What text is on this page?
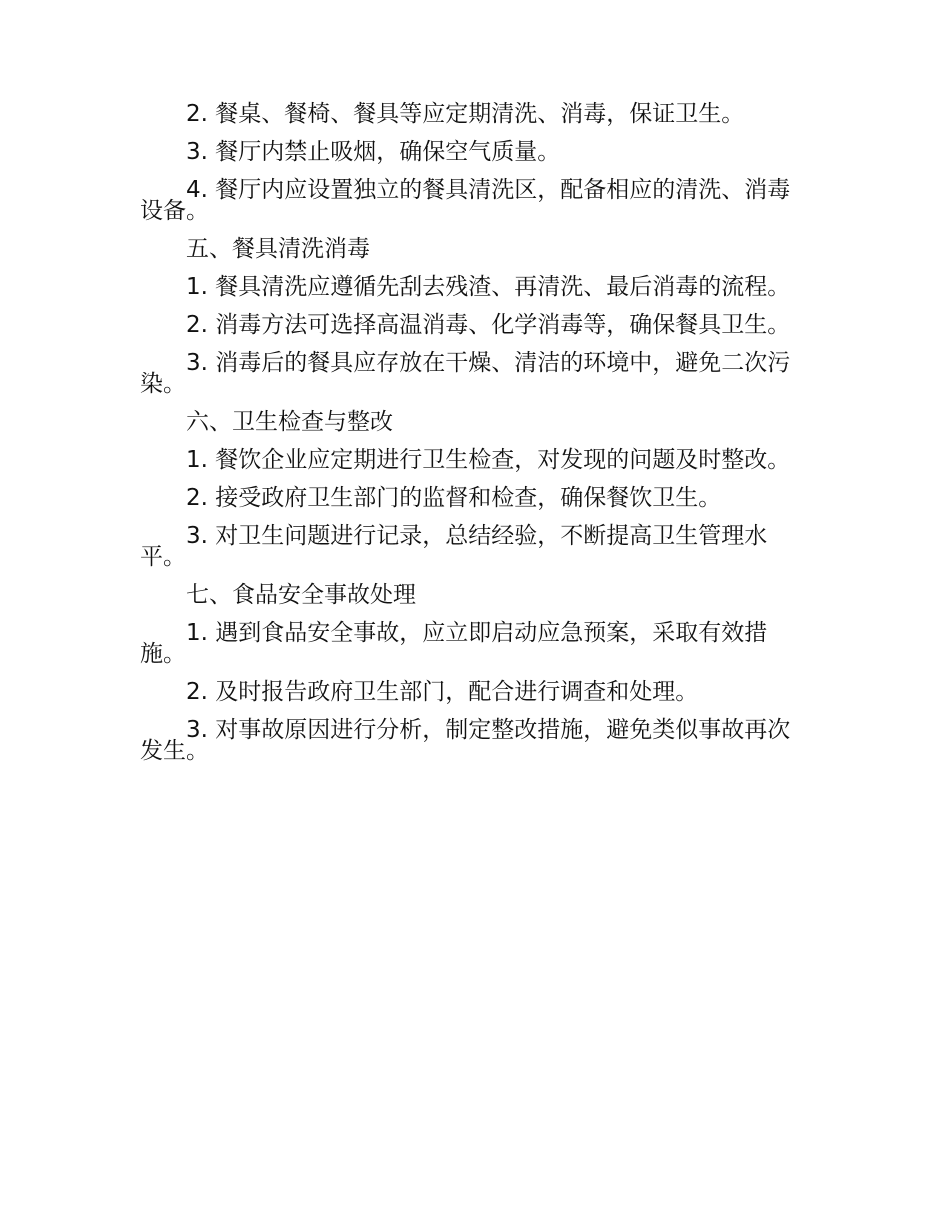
2. 餐桌、餐椅、餐具等应定期清洗、消毒，保证卫生。

3. 餐厅内禁止吸烟，确保空气质量。

4. 餐厅内应设置独立的餐具清洗区，配备相应的清洗、消毒设备。

五、餐具清洗消毒

1. 餐具清洗应遵循先刮去残渣、再清洗、最后消毒的流程。

2. 消毒方法可选择高温消毒、化学消毒等，确保餐具卫生。

3. 消毒后的餐具应存放在干燥、清洁的环境中，避免二次污染。

六、卫生检查与整改

1. 餐饮企业应定期进行卫生检查，对发现的问题及时整改。

2. 接受政府卫生部门的监督和检查，确保餐饮卫生。

3. 对卫生问题进行记录，总结经验，不断提高卫生管理水平。

七、食品安全事故处理

1. 遇到食品安全事故，应立即启动应急预案，采取有效措施。

2. 及时报告政府卫生部门，配合进行调查和处理。

3. 对事故原因进行分析，制定整改措施，避免类似事故再次发生。
